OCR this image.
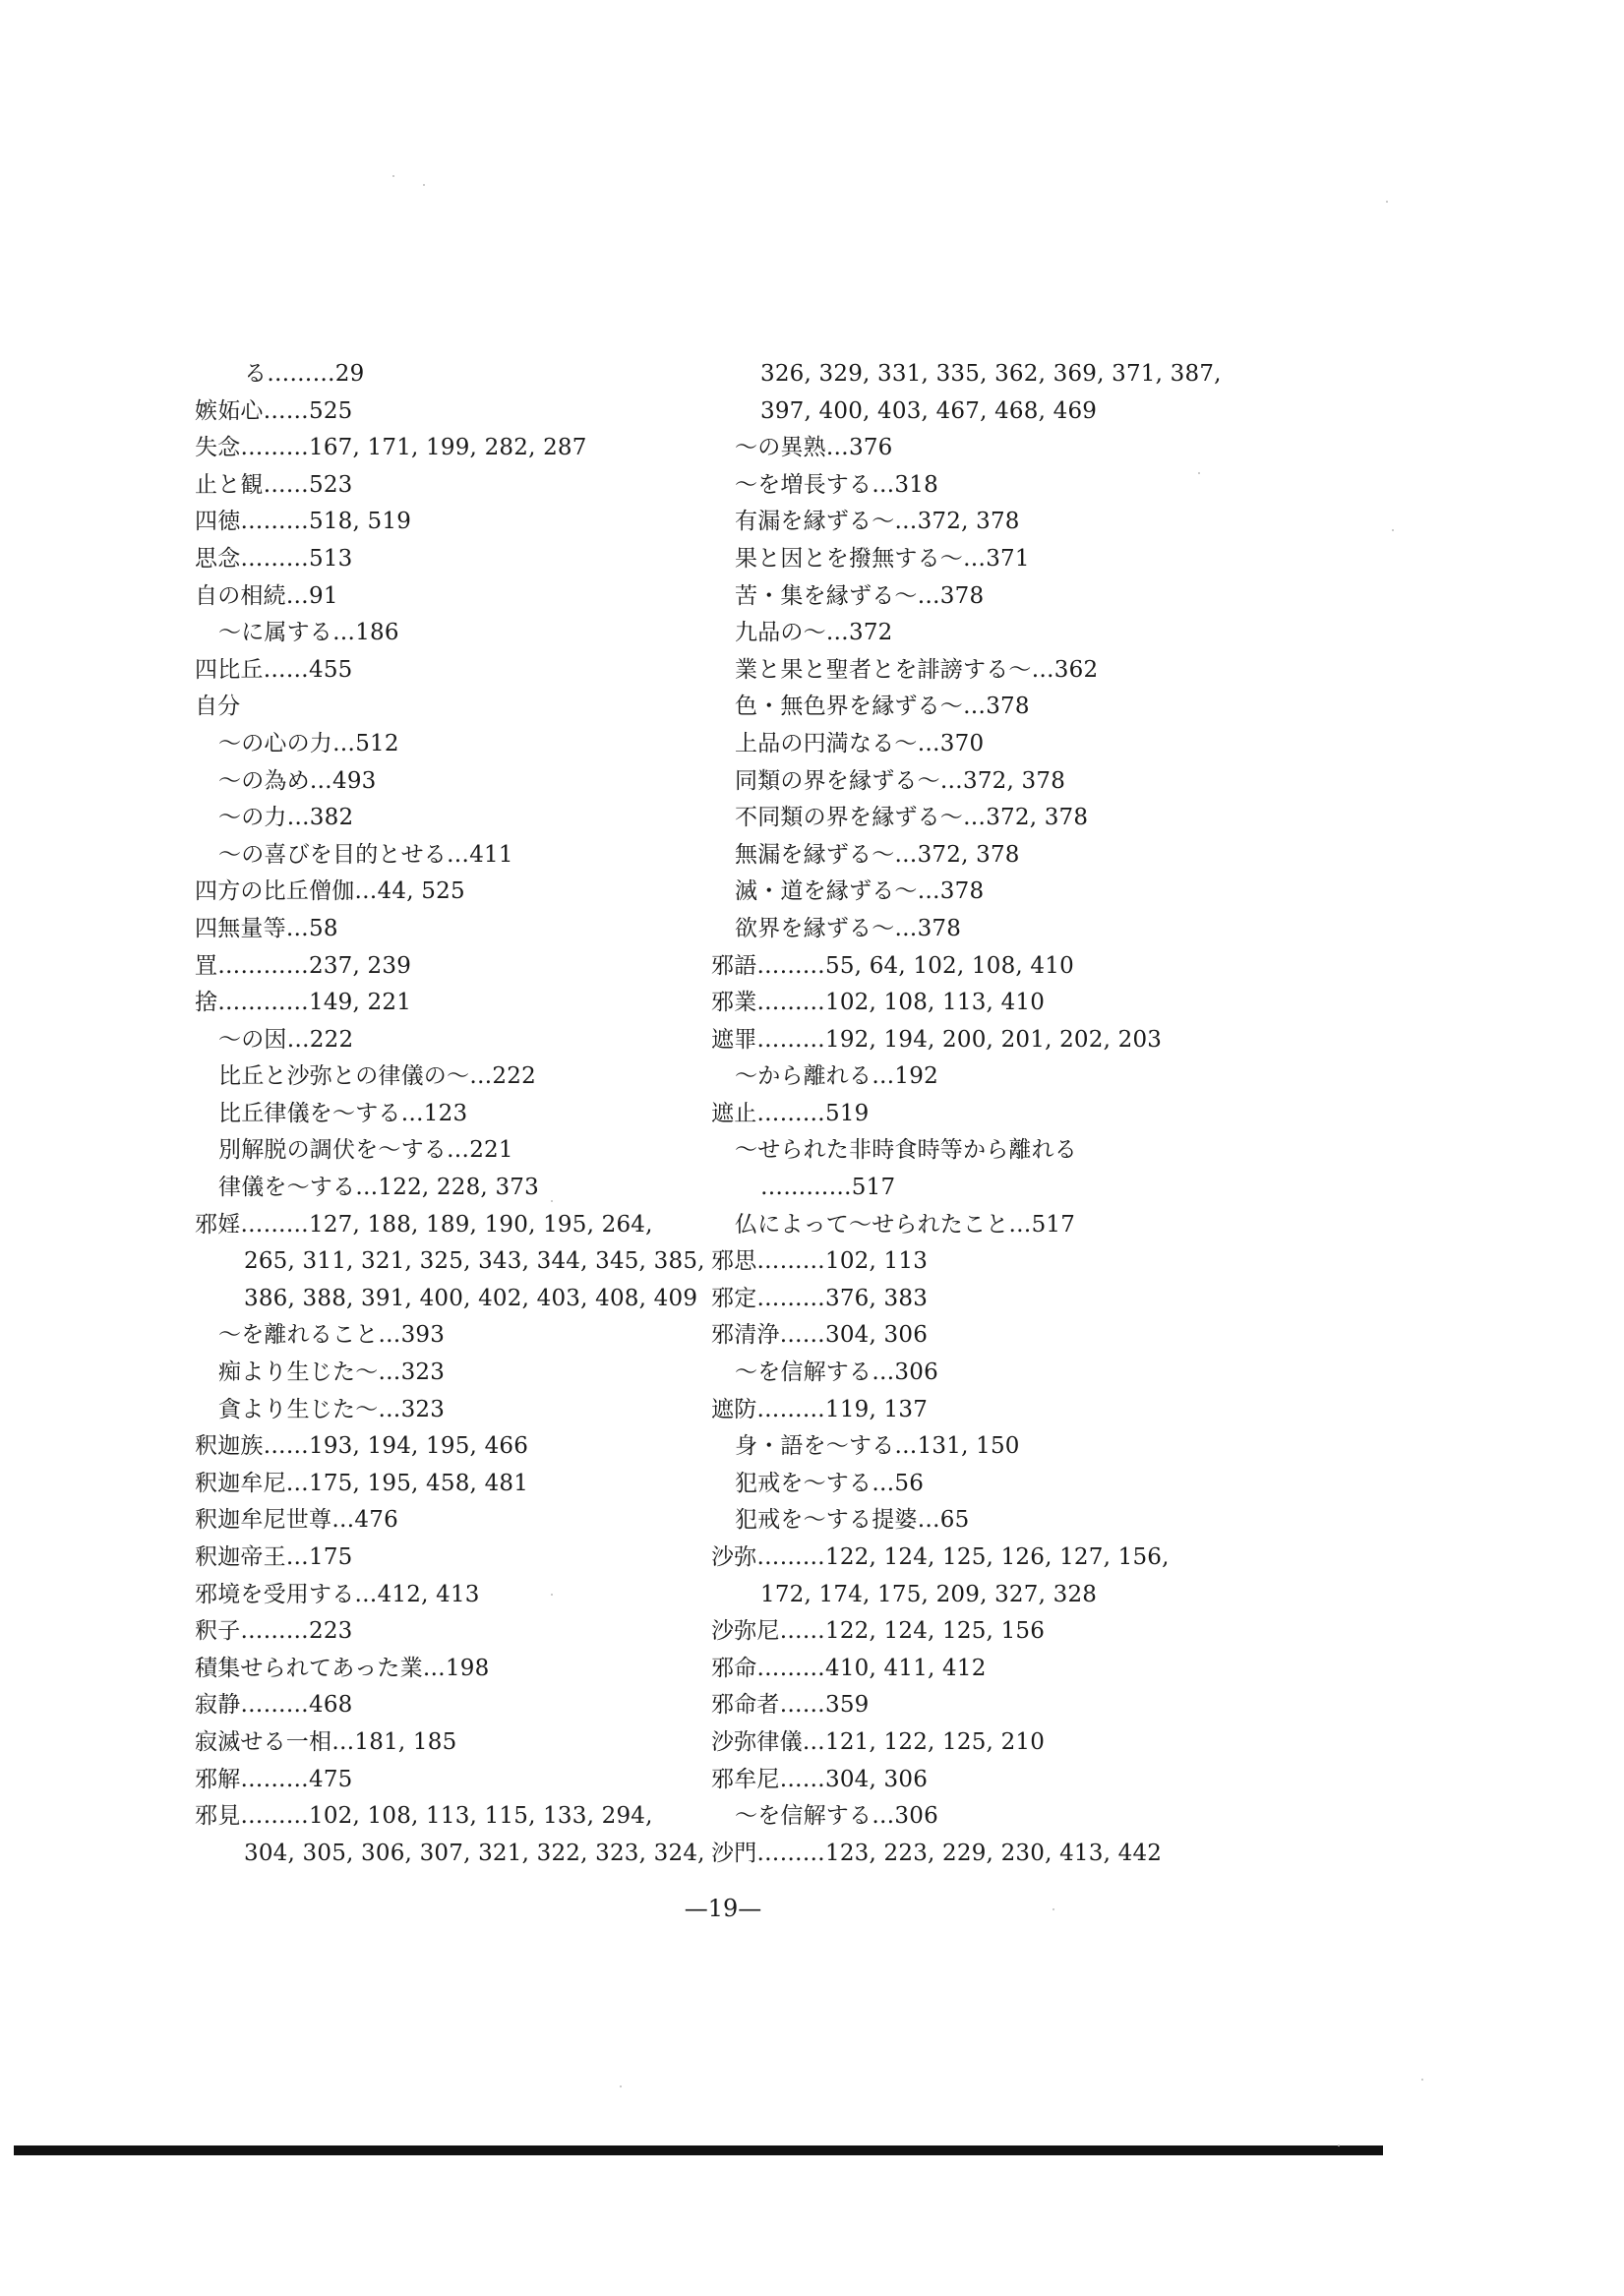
る………29
嫉妬心……525
失念………167, 171, 199, 282, 287
止と観……523
四徳………518, 519
思念………513
自の相続…91
～に属する…186
四比丘……455
自分
～の心の力…512
～の為め…493
～の力…382
～の喜びを目的とせる…411
四方の比丘僧伽…44, 525
四無量等…58
罝…………237, 239
捨…………149, 221
～の因…222
比丘と沙弥との律儀の～…222
比丘律儀を～する…123
別解脱の調伏を～する…221
律儀を～する…122, 228, 373
邪婬………127, 188, 189, 190, 195, 264,
265, 311, 321, 325, 343, 344, 345, 385,
386, 388, 391, 400, 402, 403, 408, 409
～を離れること…393
痴より生じた～…323
貪より生じた～…323
釈迦族……193, 194, 195, 466
釈迦牟尼…175, 195, 458, 481
釈迦牟尼世尊…476
釈迦帝王…175
邪境を受用する…412, 413
釈子………223
積集せられてあった業…198
寂静………468
寂滅せる一相…181, 185
邪解………475
邪見………102, 108, 113, 115, 133, 294,
304, 305, 306, 307, 321, 322, 323, 324,
326, 329, 331, 335, 362, 369, 371, 387,
397, 400, 403, 467, 468, 469
～の異熟…376
～を増長する…318
有漏を縁ずる～…372, 378
果と因とを撥無する～…371
苦・集を縁ずる～…378
九品の～…372
業と果と聖者とを誹謗する～…362
色・無色界を縁ずる～…378
上品の円満なる～…370
同類の界を縁ずる～…372, 378
不同類の界を縁ずる～…372, 378
無漏を縁ずる～…372, 378
滅・道を縁ずる～…378
欲界を縁ずる～…378
邪語………55, 64, 102, 108, 410
邪業………102, 108, 113, 410
遮罪………192, 194, 200, 201, 202, 203
～から離れる…192
遮止………519
～せられた非時食時等から離れる
…………517
仏によって～せられたこと…517
邪思………102, 113
邪定………376, 383
邪清浄……304, 306
～を信解する…306
遮防………119, 137
身・語を～する…131, 150
犯戒を～する…56
犯戒を～する提婆…65
沙弥………122, 124, 125, 126, 127, 156,
172, 174, 175, 209, 327, 328
沙弥尼……122, 124, 125, 156
邪命………410, 411, 412
邪命者……359
沙弥律儀…121, 122, 125, 210
邪牟尼……304, 306
～を信解する…306
沙門………123, 223, 229, 230, 413, 442
—19—
